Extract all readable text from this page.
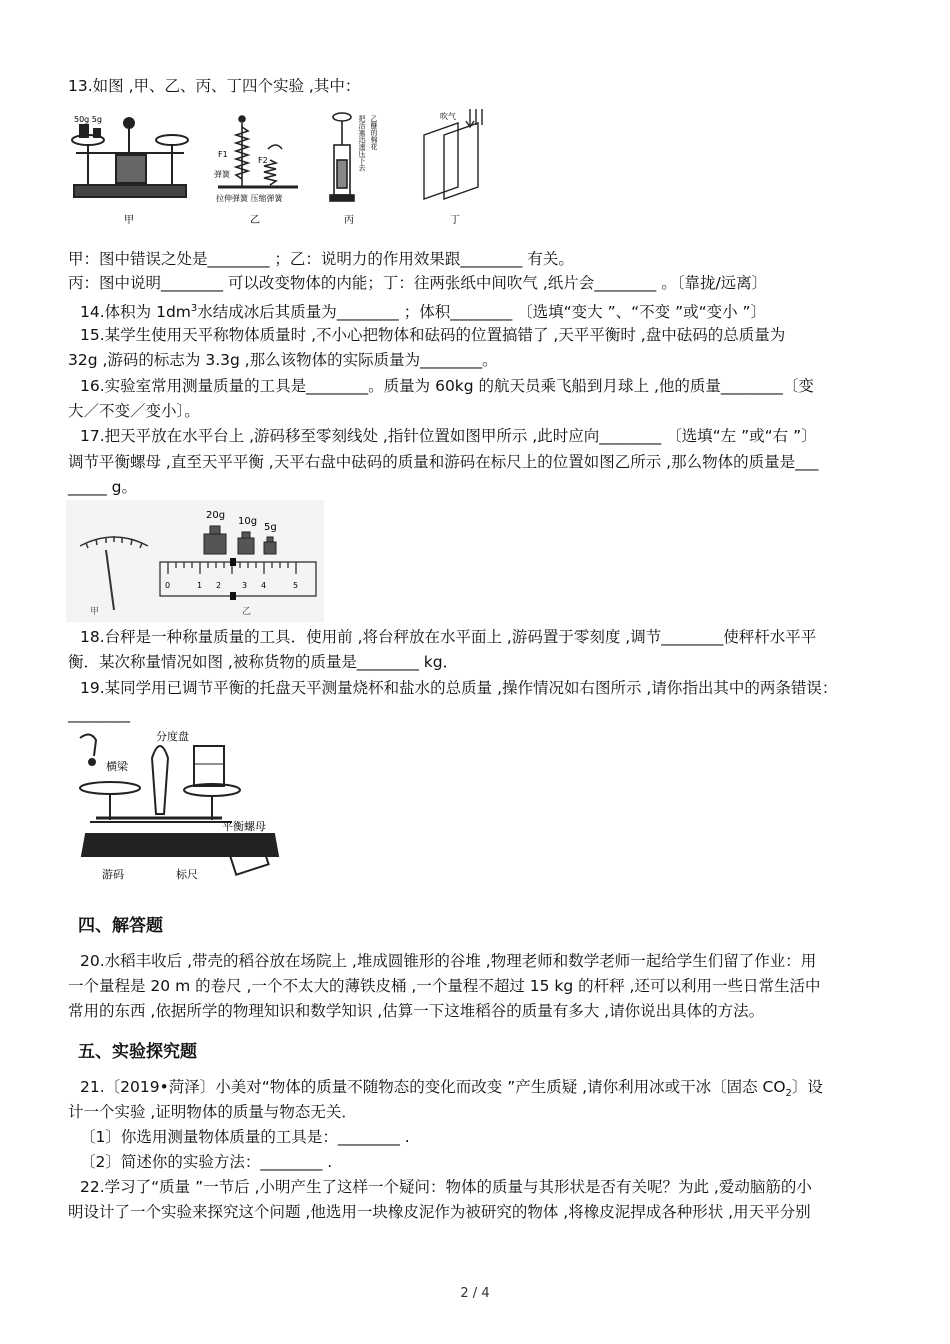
13.如图 ,甲、乙、丙、丁四个实验 ,其中：
50g 5g
甲
F1
F2
弹簧
拉伸弹簧 压缩弹簧
乙
把活塞迅速压下去 乙醚的棉花
丙
吹气
丁
甲：图中错误之处是________ ；乙：说明力的作用效果跟________ 有关。
丙：图中说明________ 可以改变物体的内能；丁：往两张纸中间吹气 ,纸片会________ 。〔靠拢/远离〕
14.体积为 $1dm^3$水结成冰后其质量为________ ；体积________ 〔选填“变大 ”、“不变 ”或“变小 ”〕
15.某学生使用天平称物体质量时 ,不小心把物体和砝码的位置搞错了 ,天平平衡时 ,盘中砝码的总质量为
32g ,游码的标志为 3.3g ,那么该物体的实际质量为________。
16.实验室常用测量质量的工具是________。质量为 60kg 的航天员乘飞船到月球上 ,他的质量________〔变
大／不变／变小〕。
17.把天平放在水平台上 ,游码移至零刻线处 ,指针位置如图甲所示 ,此时应向________ 〔选填“左 ”或“右 ”〕
调节平衡螺母 ,直至天平平衡 ,天平右盘中砝码的质量和游码在标尺上的位置如图乙所示 ,那么物体的质量是___
_____ g。
甲
20g
10g
5g
0	1 2	3 4	5
乙
18.台秤是一种称量质量的工具．使用前 ,将台秤放在水平面上 ,游码置于零刻度 ,调节________使秤杆水平平
衡．某次称量情况如图 ,被称货物的质量是________ kg．
19.某同学用已调节平衡的托盘天平测量烧杯和盐水的总质量 ,操作情况如右图所示 ,请你指出其中的两条错误：
________
分度盘
横梁
平衡螺母
游码	标尺
四、解答题
20.水稻丰收后 ,带壳的稻谷放在场院上 ,堆成圆锥形的谷堆 ,物理老师和数学老师一起给学生们留了作业：用
一个量程是 20 m 的卷尺 ,一个不太大的薄铁皮桶 ,一个量程不超过 15 kg 的杆秤 ,还可以利用一些日常生活中
常用的东西 ,依据所学的物理知识和数学知识 ,估算一下这堆稻谷的质量有多大 ,请你说出具体的方法。
五、实验探究题
21.〔2019•菏泽〕小美对“物体的质量不随物态的变化而改变 ”产生质疑 ,请你利用冰或干冰〔固态 $CO_2$〕设
计一个实验 ,证明物体的质量与物态无关．
〔1〕你选用测量物体质量的工具是：________ .
〔2〕简述你的实验方法：________ .
22.学习了“质量 ”一节后 ,小明产生了这样一个疑问：物体的质量与其形状是否有关呢？为此 ,爱动脑筋的小
明设计了一个实验来探究这个问题 ,他选用一块橡皮泥作为被研究的物体 ,将橡皮泥捍成各种形状 ,用天平分别
2 / 4
